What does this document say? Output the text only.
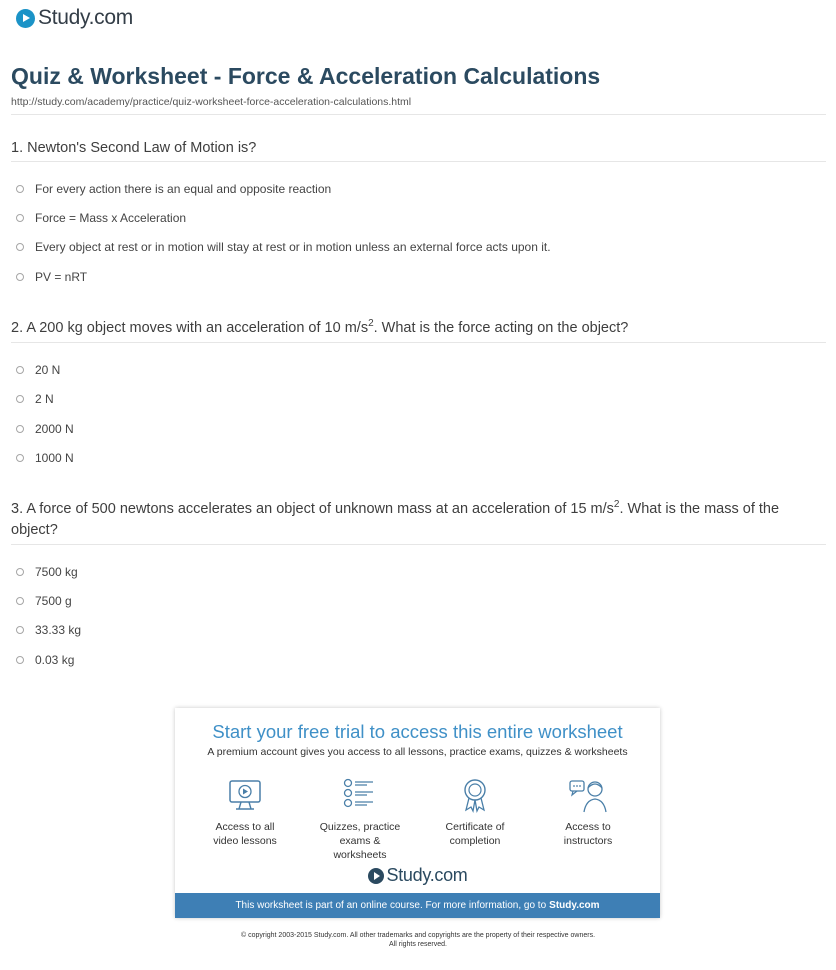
Study.com
Quiz & Worksheet - Force & Acceleration Calculations
http://study.com/academy/practice/quiz-worksheet-force-acceleration-calculations.html
1. Newton's Second Law of Motion is?
For every action there is an equal and opposite reaction
Force = Mass x Acceleration
Every object at rest or in motion will stay at rest or in motion unless an external force acts upon it.
PV = nRT
2. A 200 kg object moves with an acceleration of 10 $m/s^2$. What is the force acting on the object?
20 N
2 N
2000 N
1000 N
3. A force of 500 newtons accelerates an object of unknown mass at an acceleration of 15 $m/s^2$. What is the mass of the object?
7500 kg
7500 g
33.33 kg
0.03 kg
Start your free trial to access this entire worksheet
A premium account gives you access to all lessons, practice exams, quizzes & worksheets
Access to all
video lessons
Quizzes, practice
exams & worksheets
Certificate of
completion
Access to
instructors
Study.com
This worksheet is part of an online course. For more information, go to Study.com
© copyright 2003-2015 Study.com. All other trademarks and copyrights are the property of their respective owners.
All rights reserved.
